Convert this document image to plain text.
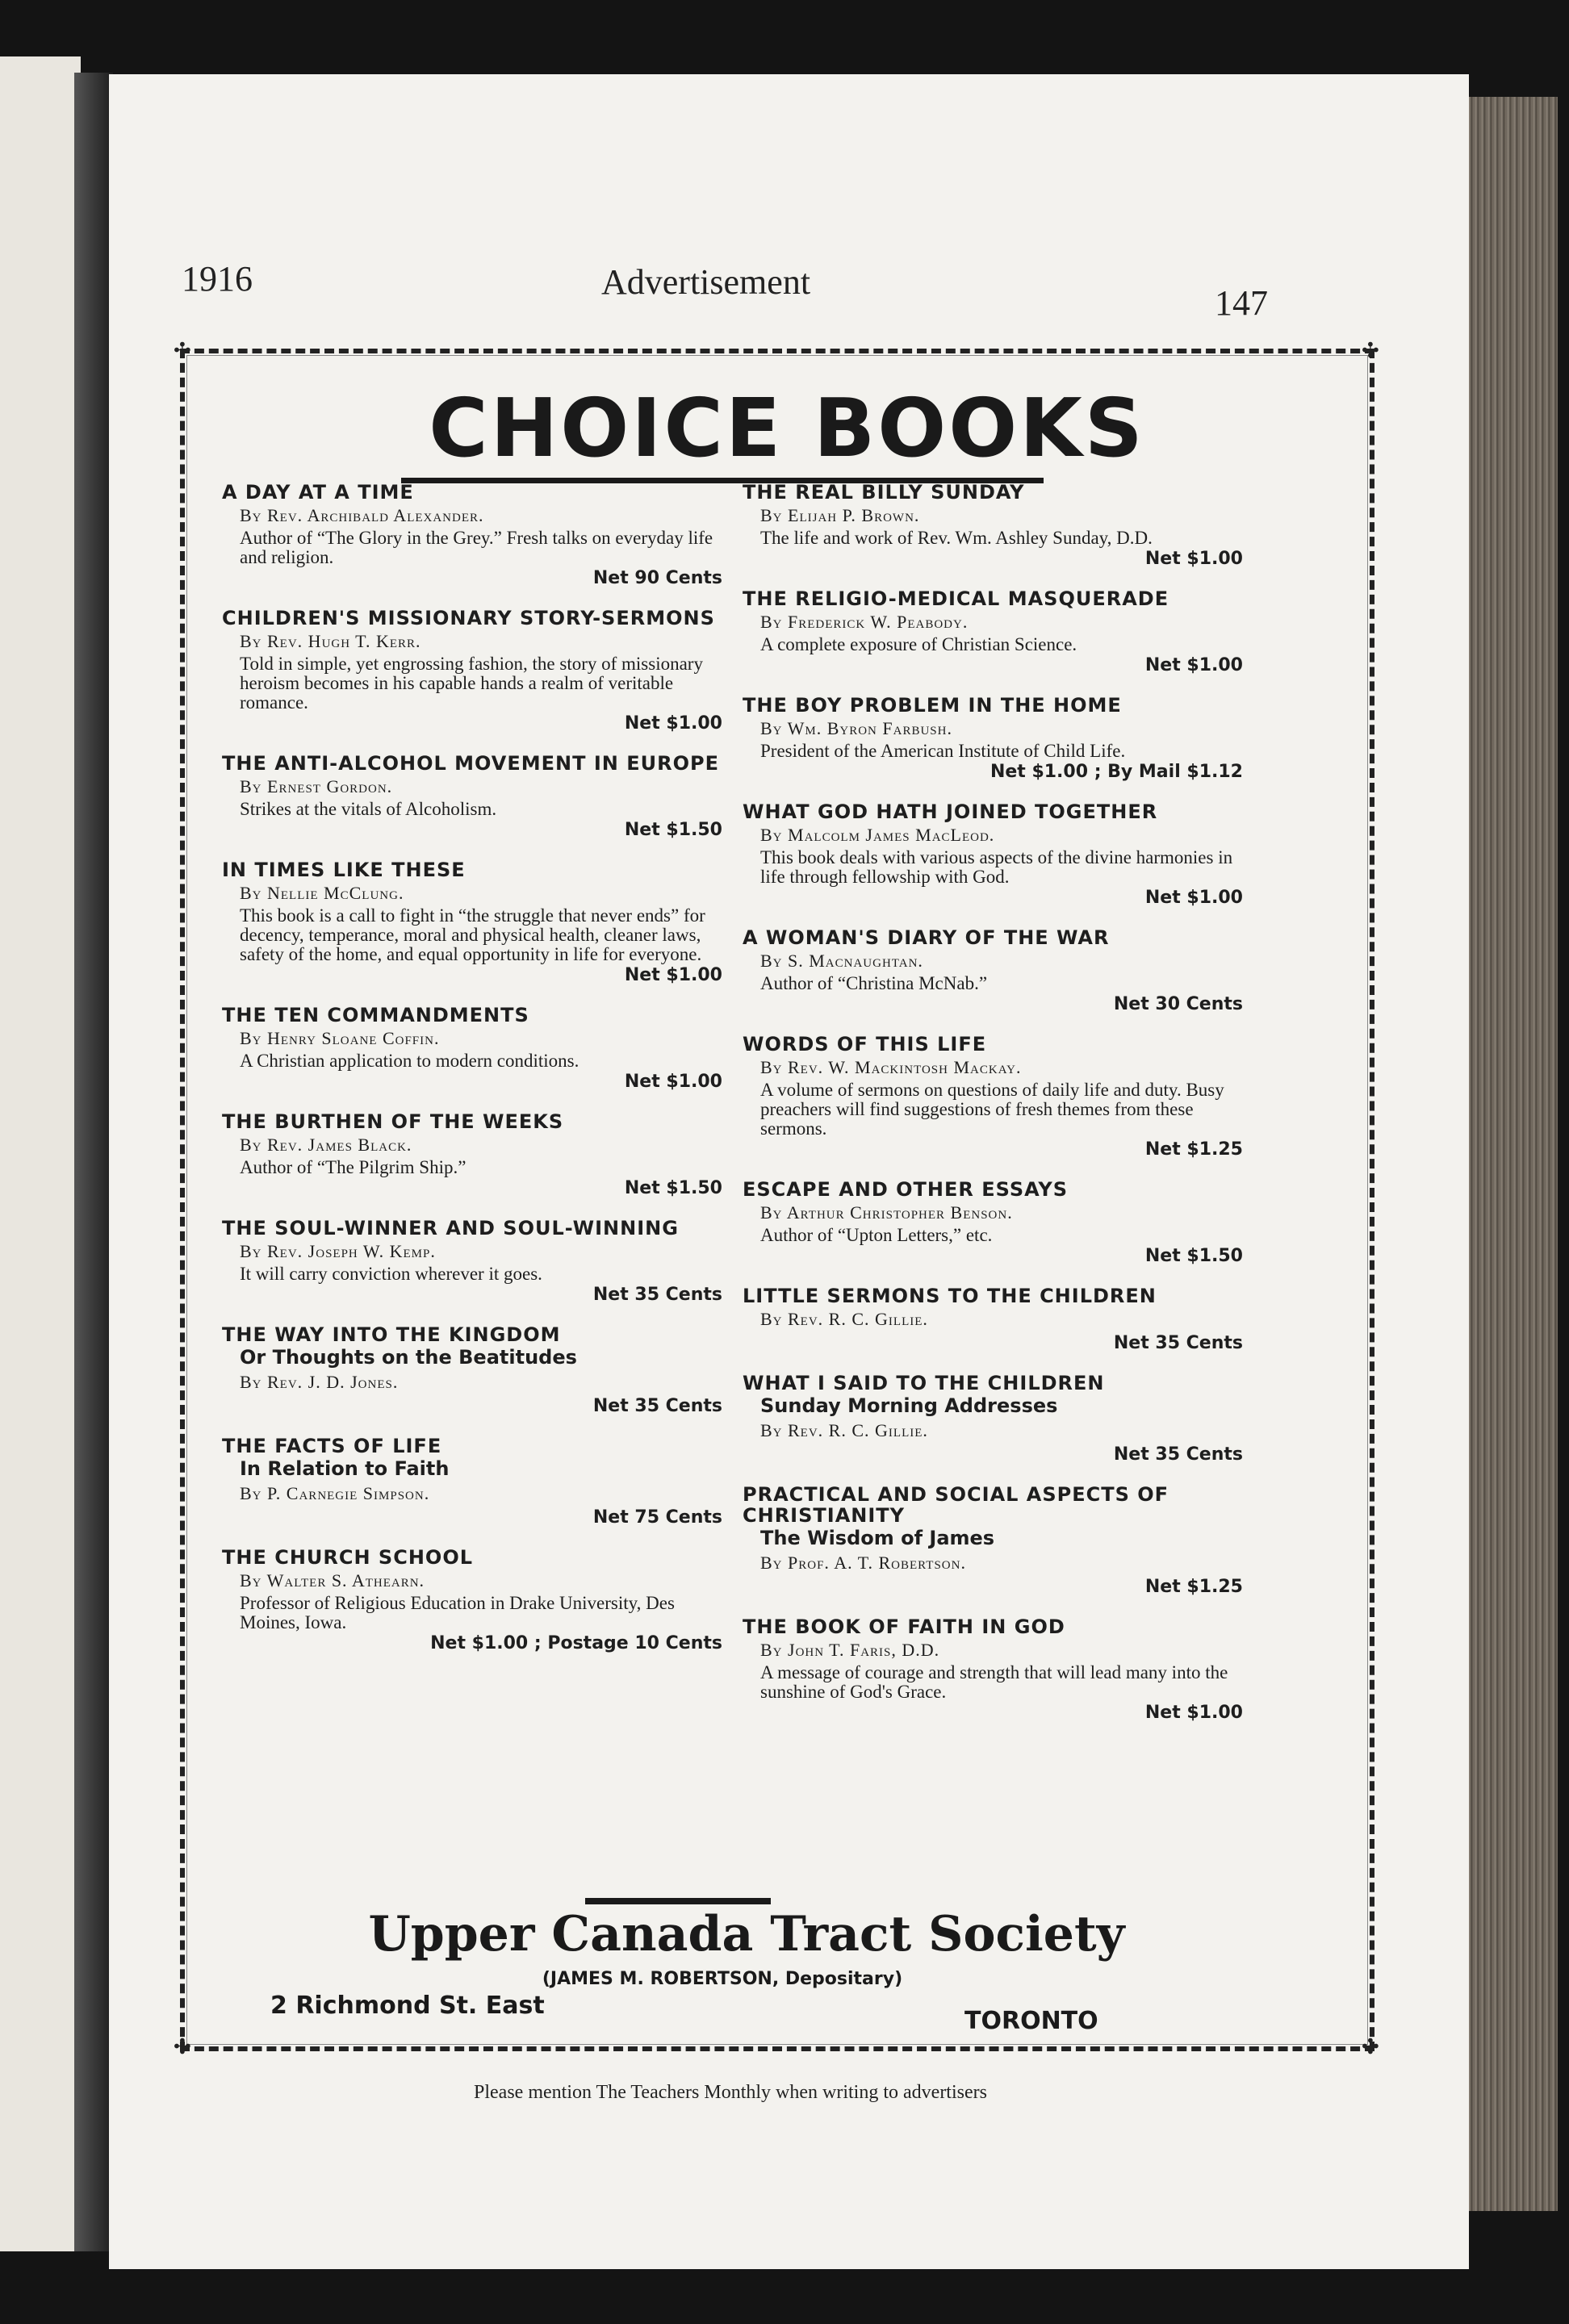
1916	Advertisement
147
✣	✣
✣	✣
CHOICE BOOKS
A DAY AT A TIME
By Rev. Archibald Alexander.
Author of “The Glory in the Grey.” Fresh talks on everyday life and religion.
Net 90 Cents
CHILDREN'S MISSIONARY STORY-SERMONS
By Rev. Hugh T. Kerr.
Told in simple, yet engrossing fashion, the story of missionary heroism becomes in his capable hands a realm of veritable romance.
Net $1.00
THE ANTI-ALCOHOL MOVEMENT IN EUROPE
By Ernest Gordon.
Strikes at the vitals of Alcoholism.
Net $1.50
IN TIMES LIKE THESE
By Nellie McClung.
This book is a call to fight in “the struggle that never ends” for decency, temperance, moral and physical health, cleaner laws, safety of the home, and equal opportunity in life for everyone.
Net $1.00
THE TEN COMMANDMENTS
By Henry Sloane Coffin.
A Christian application to modern conditions.
Net $1.00
THE BURTHEN OF THE WEEKS
By Rev. James Black.
Author of “The Pilgrim Ship.”
Net $1.50
THE SOUL-WINNER AND SOUL-WINNING
By Rev. Joseph W. Kemp.
It will carry conviction wherever it goes.
Net 35 Cents
THE WAY INTO THE KINGDOM
Or Thoughts on the Beatitudes
By Rev. J. D. Jones.
Net 35 Cents
THE FACTS OF LIFE
In Relation to Faith
By P. Carnegie Simpson.
Net 75 Cents
THE CHURCH SCHOOL
By Walter S. Athearn.
Professor of Religious Education in Drake University, Des Moines, Iowa.
Net $1.00 ; Postage 10 Cents
THE REAL BILLY SUNDAY
By Elijah P. Brown.
The life and work of Rev. Wm. Ashley Sunday, D.D.
Net $1.00
THE RELIGIO-MEDICAL MASQUERADE
By Frederick W. Peabody.
A complete exposure of Christian Science.
Net $1.00
THE BOY PROBLEM IN THE HOME
By Wm. Byron Farbush.
President of the American Institute of Child Life.
Net $1.00 ; By Mail $1.12
WHAT GOD HATH JOINED TOGETHER
By Malcolm James MacLeod.
This book deals with various aspects of the divine harmonies in life through fellowship with God.
Net $1.00
A WOMAN'S DIARY OF THE WAR
By S. Macnaughtan.
Author of “Christina McNab.”
Net 30 Cents
WORDS OF THIS LIFE
By Rev. W. Mackintosh Mackay.
A volume of sermons on questions of daily life and duty. Busy preachers will find suggestions of fresh themes from these sermons.
Net $1.25
ESCAPE AND OTHER ESSAYS
By Arthur Christopher Benson.
Author of “Upton Letters,” etc.
Net $1.50
LITTLE SERMONS TO THE CHILDREN
By Rev. R. C. Gillie.
Net 35 Cents
WHAT I SAID TO THE CHILDREN
Sunday Morning Addresses
By Rev. R. C. Gillie.
Net 35 Cents
PRACTICAL AND SOCIAL ASPECTS OF CHRISTIANITY
The Wisdom of James
By Prof. A. T. Robertson.
Net $1.25
THE BOOK OF FAITH IN GOD
By John T. Faris, D.D.
A message of courage and strength that will lead many into the sunshine of God's Grace.
Net $1.00
Upper Canada Tract Society
(JAMES M. ROBERTSON, Depositary)
2 Richmond St. East
TORONTO
Please mention The Teachers Monthly when writing to advertisers
